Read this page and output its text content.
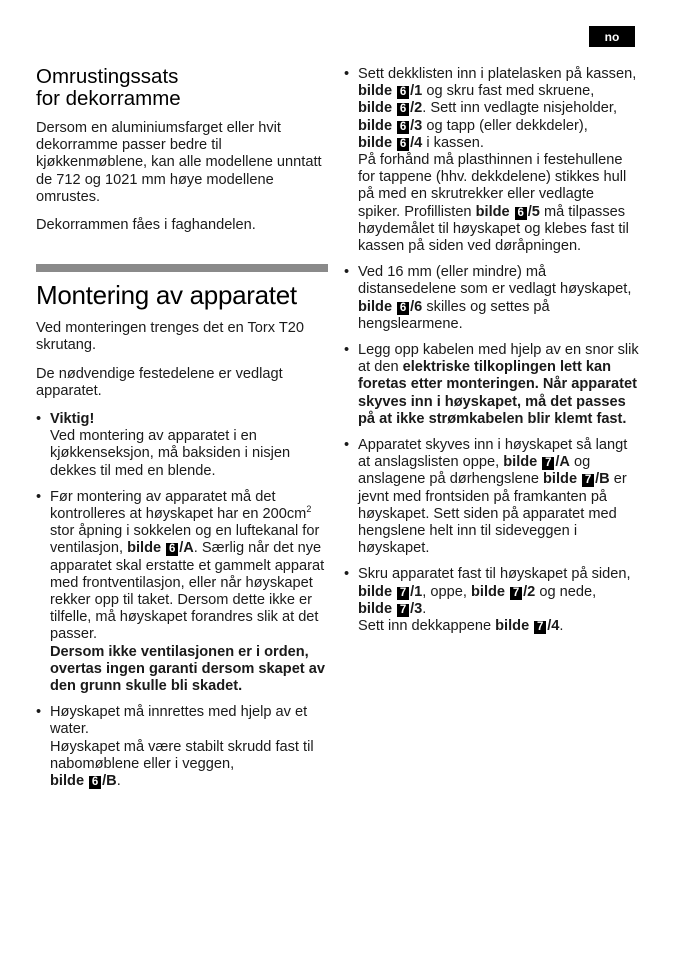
no
Omrustingssats
for dekorramme

Dersom en aluminiumsfarget eller hvit dekorramme passer bedre til kjøkkenmøblene, kan alle modellene unntatt de 712 og 1021 mm høye modellene omrustes.

Dekorrammen fåes i faghandelen.

Montering av apparatet

Ved monteringen trenges det en Torx T20 skrutang.

De nødvendige festedelene er vedlagt apparatet.

• Viktig!
Ved montering av apparatet i en kjøkkenseksjon, må baksiden i nisjen dekkes til med en blende.
• Før montering av apparatet må det kontrolleres at høyskapet har en $200cm^2$ stor åpning i sokkelen og en luftekanal for ventilasjon, bilde 6 /A. Særlig når det nye apparatet skal erstatte et gammelt apparat med frontventilasjon, eller når høyskapet rekker opp til taket. Dersom dette ikke er tilfelle, må høyskapet forandres slik at det passer.
Dersom ikke ventilasjonen er i orden, overtas ingen garanti dersom skapet av den grunn skulle bli skadet.
• Høyskapet må innrettes med hjelp av et water.
Høyskapet må være stabilt skrudd fast til nabomøblene eller i veggen,
bilde 6 /B.
• Sett dekklisten inn i platelasken på kassen, bilde 6 /1 og skru fast med skruene, bilde 6 /2. Sett inn vedlagte nisjeholder, bilde 6 /3 og tapp (eller dekkdeler), bilde 6 /4 i kassen.
På forhånd må plasthinnen i festehullene for tappene (hhv. dekkdelene) stikkes hull på med en skrutrekker eller vedlagte spiker. Profillisten bilde 6 /5 må tilpasses høydemålet til høyskapet og klebes fast til kassen på siden ved døråpningen.
• Ved 16 mm (eller mindre) må distansedelene som er vedlagt høyskapet, bilde 6 /6 skilles og settes på hengslearmene.
• Legg opp kabelen med hjelp av en snor slik at den elektriske tilkoplingen lett kan foretas etter monteringen. Når apparatet skyves inn i høyskapet, må det passes på at ikke strømkabelen blir klemt fast.
• Apparatet skyves inn i høyskapet så langt at anslagslisten oppe, bilde 7 /A og anslagene på dørhengslene bilde 7 /B er jevnt med frontsiden på framkanten på høyskapet. Sett siden på apparatet med hengslene helt inn til sideveggen i høyskapet.
• Skru apparatet fast til høyskapet på siden, bilde 7 /1, oppe, bilde 7 /2 og nede, bilde 7 /3.
Sett inn dekkappene bilde 7 /4.
